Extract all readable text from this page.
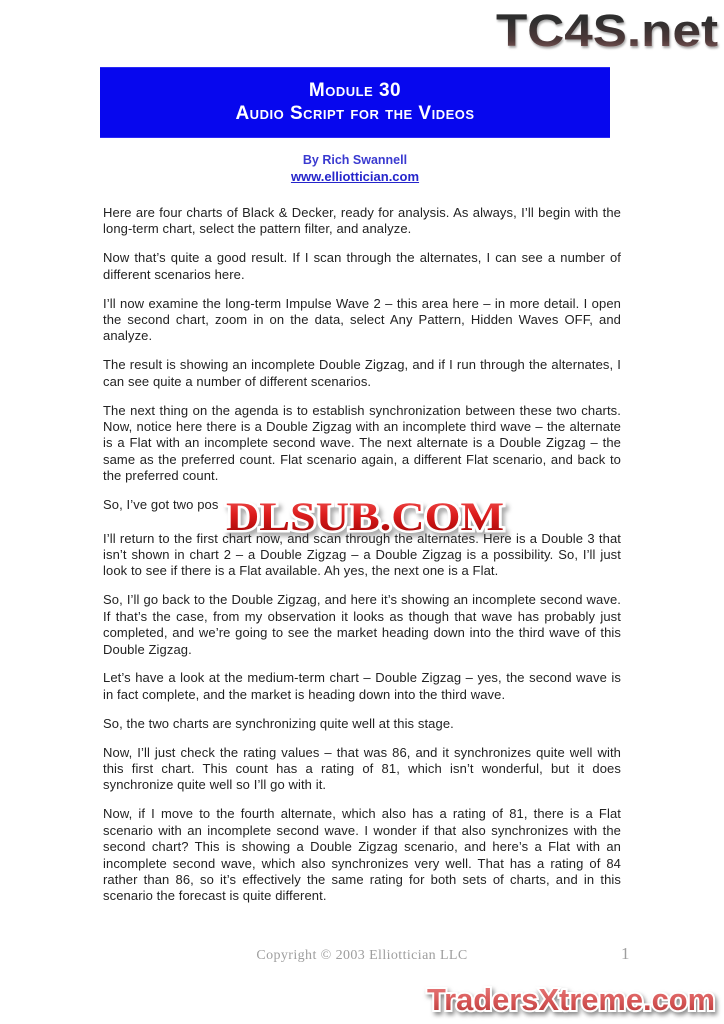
TC4S.net
Module 30
Audio Script for the Videos
By Rich Swannell
www.elliottician.com

Here are four charts of Black & Decker, ready for analysis. As always, I’ll begin with the long-term chart, select the pattern filter, and analyze.

Now that’s quite a good result. If I scan through the alternates, I can see a number of different scenarios here.

I’ll now examine the long-term Impulse Wave 2 – this area here – in more detail. I open the second chart, zoom in on the data, select Any Pattern, Hidden Waves OFF, and analyze.

The result is showing an incomplete Double Zigzag, and if I run through the alternates, I can see quite a number of different scenarios.

The next thing on the agenda is to establish synchronization between these two charts. Now, notice here there is a Double Zigzag with an incomplete third wave – the alternate is a Flat with an incomplete second wave. The next alternate is a Double Zigzag – the same as the preferred count. Flat scenario again, a different Flat scenario, and back to the preferred count.

So, I’ve got two pos

I’ll return to the first chart now, and scan through the alternates. Here is a Double 3 that isn’t shown in chart 2 – a Double Zigzag – a Double Zigzag is a possibility. So, I’ll just look to see if there is a Flat available. Ah yes, the next one is a Flat.

So, I’ll go back to the Double Zigzag, and here it’s showing an incomplete second wave. If that’s the case, from my observation it looks as though that wave has probably just completed, and we’re going to see the market heading down into the third wave of this Double Zigzag.

Let’s have a look at the medium-term chart – Double Zigzag – yes, the second wave is in fact complete, and the market is heading down into the third wave.

So, the two charts are synchronizing quite well at this stage.

Now, I’ll just check the rating values – that was 86, and it synchronizes quite well with this first chart. This count has a rating of 81, which isn’t wonderful, but it does synchronize quite well so I’ll go with it.

Now, if I move to the fourth alternate, which also has a rating of 81, there is a Flat scenario with an incomplete second wave. I wonder if that also synchronizes with the second chart? This is showing a Double Zigzag scenario, and here’s a Flat with an incomplete second wave, which also synchronizes very well. That has a rating of 84 rather than 86, so it’s effectively the same rating for both sets of charts, and in this scenario the forecast is quite different.

DLSUB.COM
Copyright © 2003 Elliottician LLC	1
TradersXtreme.com
